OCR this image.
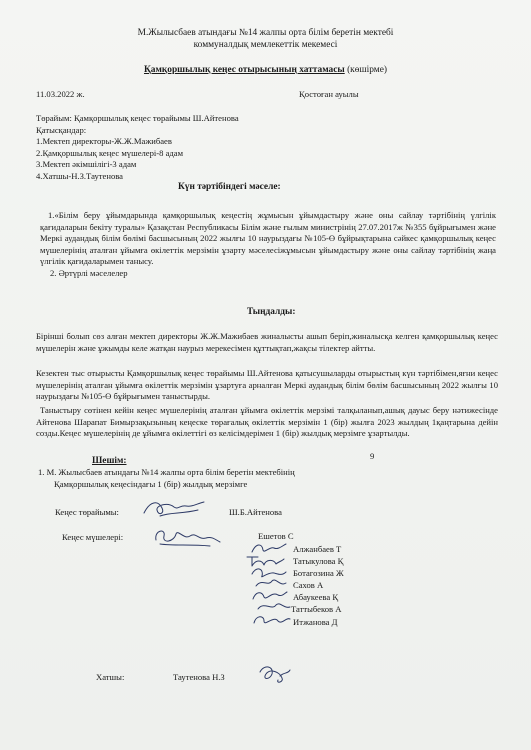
М.Жылысбаев атындағы №14 жалпы орта білім беретін мектебі
коммуналдық мемлекеттік мекемесі
Қамқоршылық кеңес отырысының хаттамасы (көшірме)
11.03.2022 ж.	Қостоған ауылы
Төрайым: Қамқоршылық кеңес төрайымы Ш.Айтенова
Қатысқандар:
1.Мектеп директоры-Ж.Ж.Мажибаев
2.Қамқоршылық кеңес мүшелері-8 адам
3.Мектеп әкімшілігі-3 адам
4.Хатшы-Н.З.Таутенова
Күн тәртібіндегі мәселе:
1.«Білім беру ұйымдарында қамқоршылық кеңестің жұмысын ұйымдастыру және оны сайлау тәртібінің үлгілік қағидаларын бекіту туралы» Қазақстан Республикасы Білім және ғылым министрінің 27.07.2017ж №355 бұйрығымен және Меркі аудандық білім бөлімі басшысының 2022 жылғы 10 наурыздағы №105-Ө бұйрықтарына сәйкес қамқоршылық кеңес мүшелерінің аталған ұйымға өкілеттік мерзімін ұзарту мәселесіжұмысын ұйымдастыру және оны сайлау тәртібінің жаңа үлгілік қағидаларымен танысу.
2. Әртүрлі мәселелер
Тыңдалды:
Бірінші болып сөз алған мектеп директоры Ж.Ж.Мажибаев жиналысты ашып беріп,жиналысқа келген қамқоршылық кеңес мүшелерін және ұжымды келе жатқан наурыз мерекесімен құттықтап,жақсы тілектер айтты.
Кезектен тыс отырысты Қамқоршылық кеңес төрайымы Ш.Айтенова қатысушыларды отырыстың күн тәртібімен,яғни кеңес мүшелерінің аталған ұйымға өкілеттік мерзімін ұзартуға арналған Меркі аудандық білім бөлім басшысының 2022 жылғы 10 наурыздағы №105-Ө бұйрығымен таныстырды.
Таныстыру сөтінен кейін кеңес мүшелерінің аталған ұйымға өкілеттік мерзімі талқыланып,ашық дауыс беру нәтижесінде Айтенова Шарапат Бимырзақызының кеңеске төрағалық өкілеттік мерзімін 1 (бір) жылға 2023 жылдың 1қаңтарына дейін созды.Кеңес мүшелерінің де ұйымға өкілеттігі өз келісімдерімен 1 (бір) жылдық мерзімге ұзартылды.
9
Шешім:
1. М. Жылысбаев атындағы №14 жалпы орта білім беретін мектебінің
Қамқоршылық кеңесіндағы 1 (бір) жылдық мерзімге
Кеңес төрайымы:	Ш.Б.Айтенова
Кеңес мүшелері:	Ешетов С
Алжанбаев Т
Татыкулова Қ
Ботагозина Ж
Сахов А
Абаукеева Қ
Таттыбеков А
Итжанова Д
Хатшы:	Таутенова Н.З
